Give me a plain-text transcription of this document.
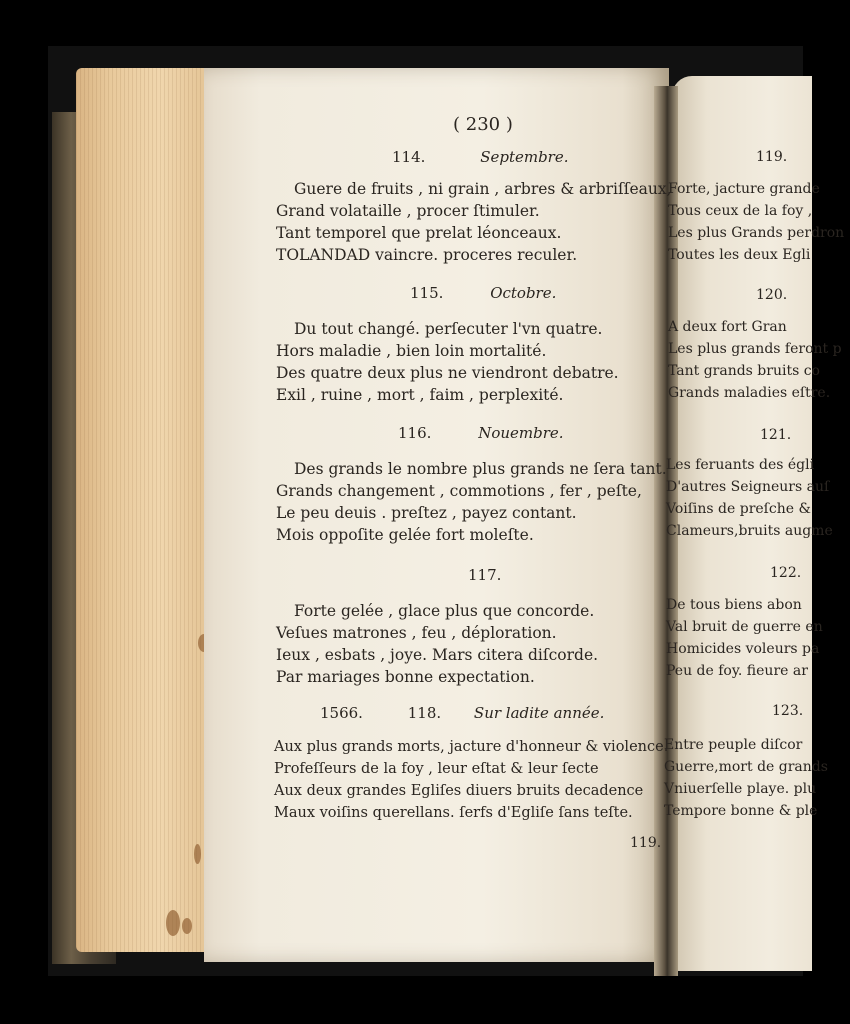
( 230 )
114.	Septembre.
Guere de fruits , ni grain , arbres & arbriſſeaux,
Grand volataille , procer ſtimuler.
Tant temporel que prelat léonceaux.
TOLANDAD vaincre. proceres reculer.
115.	Octobre.
Du tout changé. perſecuter l'vn quatre.
Hors maladie , bien loin mortalité.
Des quatre deux plus ne viendront debatre.
Exil , ruine , mort , faim , perplexité.
116.	Nouembre.
Des grands le nombre plus grands ne ſera tant.
Grands changement , commotions , fer , peſte,
Le peu deuis . preſtez , payez contant.
Mois oppoſite gelée fort moleſte.
117.
Forte gelée , glace plus que concorde.
Veſues matrones , feu , déploration.
Ieux , esbats , joye. Mars citera diſcorde.
Par mariages bonne expectation.
1566.	118. Sur ladite année.
Aux plus grands morts, jacture d'honneur & violence.
Profeſſeurs de la foy , leur eſtat & leur ſecte
Aux deux grandes Egliſes diuers bruits decadence
Maux voiſins querellans. ſerfs d'Egliſe ſans teſte.
119.
119.
Forte, jacture grande
Tous ceux de la foy ,
Les plus Grands perdron
Toutes les deux Egli
120.
A deux fort Gran
Les plus grands feront p
Tant grands bruits co
Grands maladies eſtre.
121.
Les feruants des égli
D'autres Seigneurs auſ
Voiſins de preſche &
Clameurs,bruits augme
122.
De tous biens abon
Val bruit de guerre en
Homicides voleurs pa
Peu de foy. fieure ar
123.
Entre peuple diſcor
Guerre,mort de grands
Vniuerſelle playe. plu
Tempore bonne & ple
